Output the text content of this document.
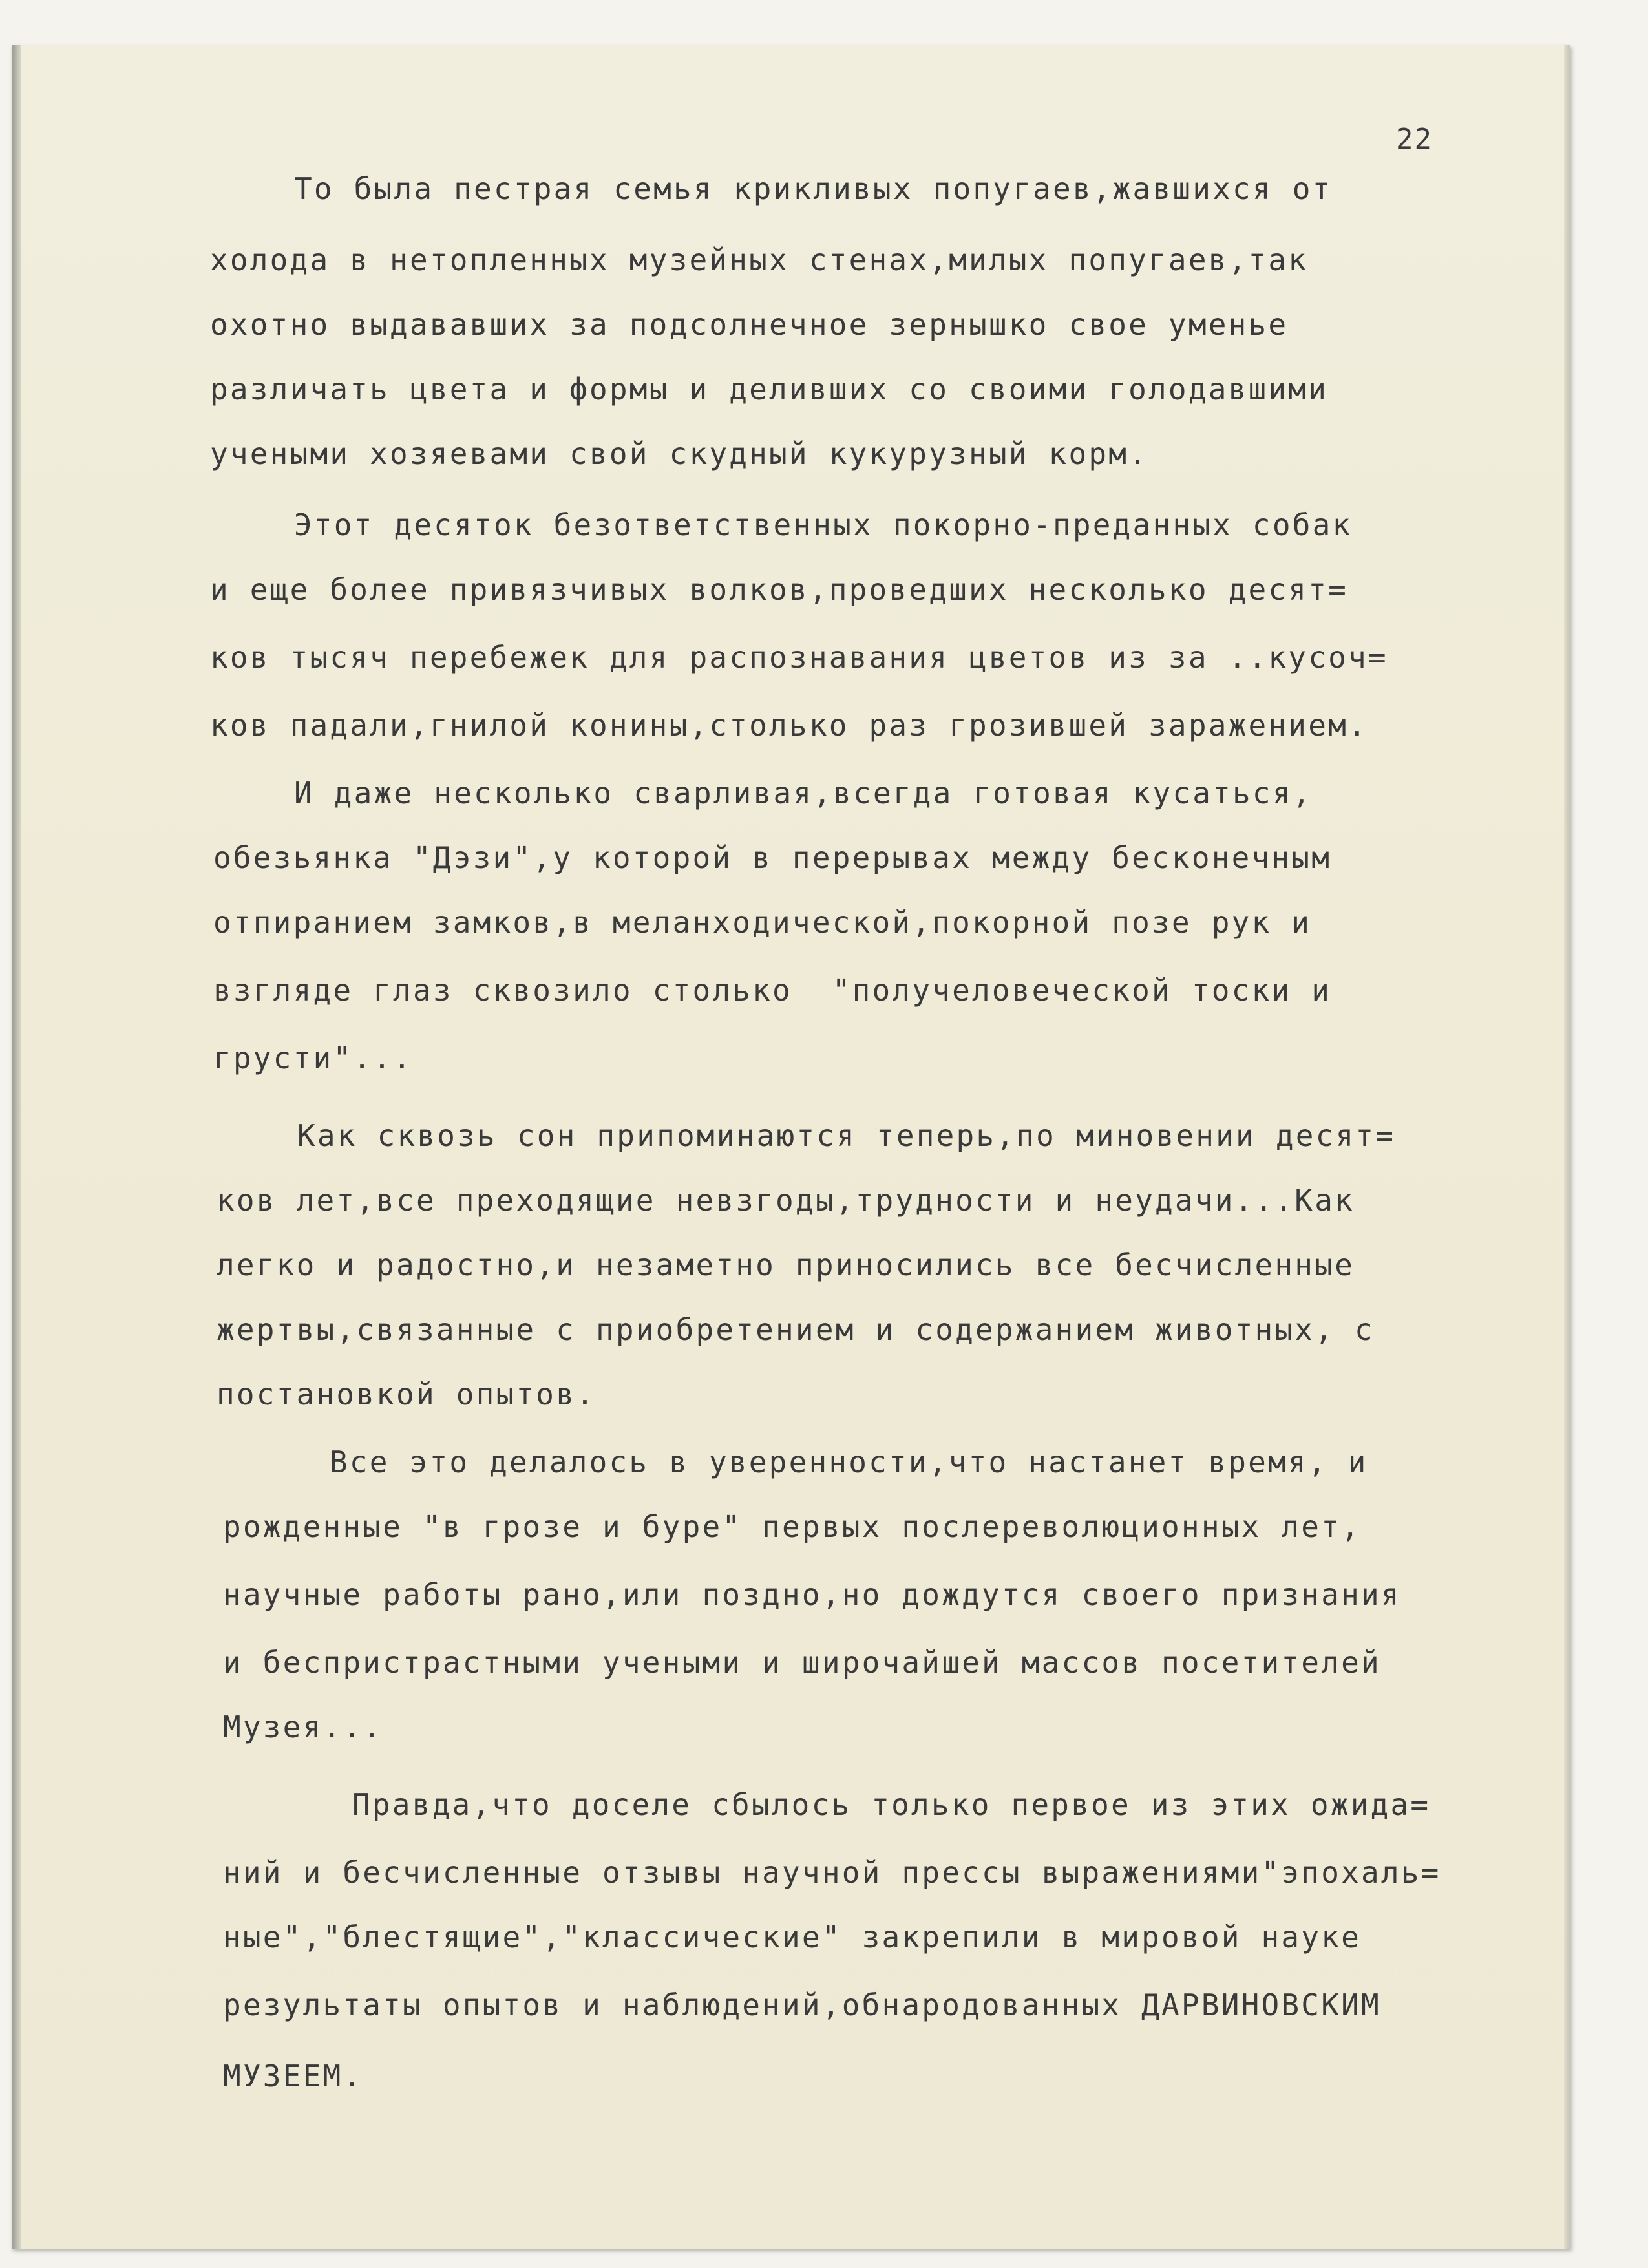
22

То была пестрая семья крикливых попугаев,жавшихся от

холода в нетопленных музейных стенах,милых попугаев,так

охотно выдававших за подсолнечное зернышко свое уменье

различать цвета и формы и деливших со своими голодавшими

учеными хозяевами свой скудный кукурузный корм.

Этот десяток безответственных покорно-преданных собак

и еще более привязчивых волков,проведших несколько десят=

ков тысяч перебежек для распознавания цветов из за ..кусоч=

ков падали,гнилой конины,столько раз грозившей заражением.

И даже несколько сварливая,всегда готовая кусаться,

обезьянка "Дэзи",у которой в перерывах между бесконечным

отпиранием замков,в меланходической,покорной позе рук и

взгляде глаз сквозило столько  "получеловеческой тоски и

грусти"...

Как сквозь сон припоминаются теперь,по миновении десят=

ков лет,все преходящие невзгоды,трудности и неудачи...Как

легко и радостно,и незаметно приносились все бесчисленные

жертвы,связанные с приобретением и содержанием животных, с

постановкой опытов.

Все это делалось в уверенности,что настанет время, и

рожденные "в грозе и буре" первых послереволюционных лет,

научные работы рано,или поздно,но дождутся своего признания

и беспристрастными учеными и широчайшей массов посетителей

Музея...

Правда,что доселе сбылось только первое из этих ожида=

ний и бесчисленные отзывы научной прессы выражениями"эпохаль=

ные","блестящие","классические" закрепили в мировой науке

результаты опытов и наблюдений,обнародованных ДАРВИНОВСКИМ

МУЗЕЕМ.
